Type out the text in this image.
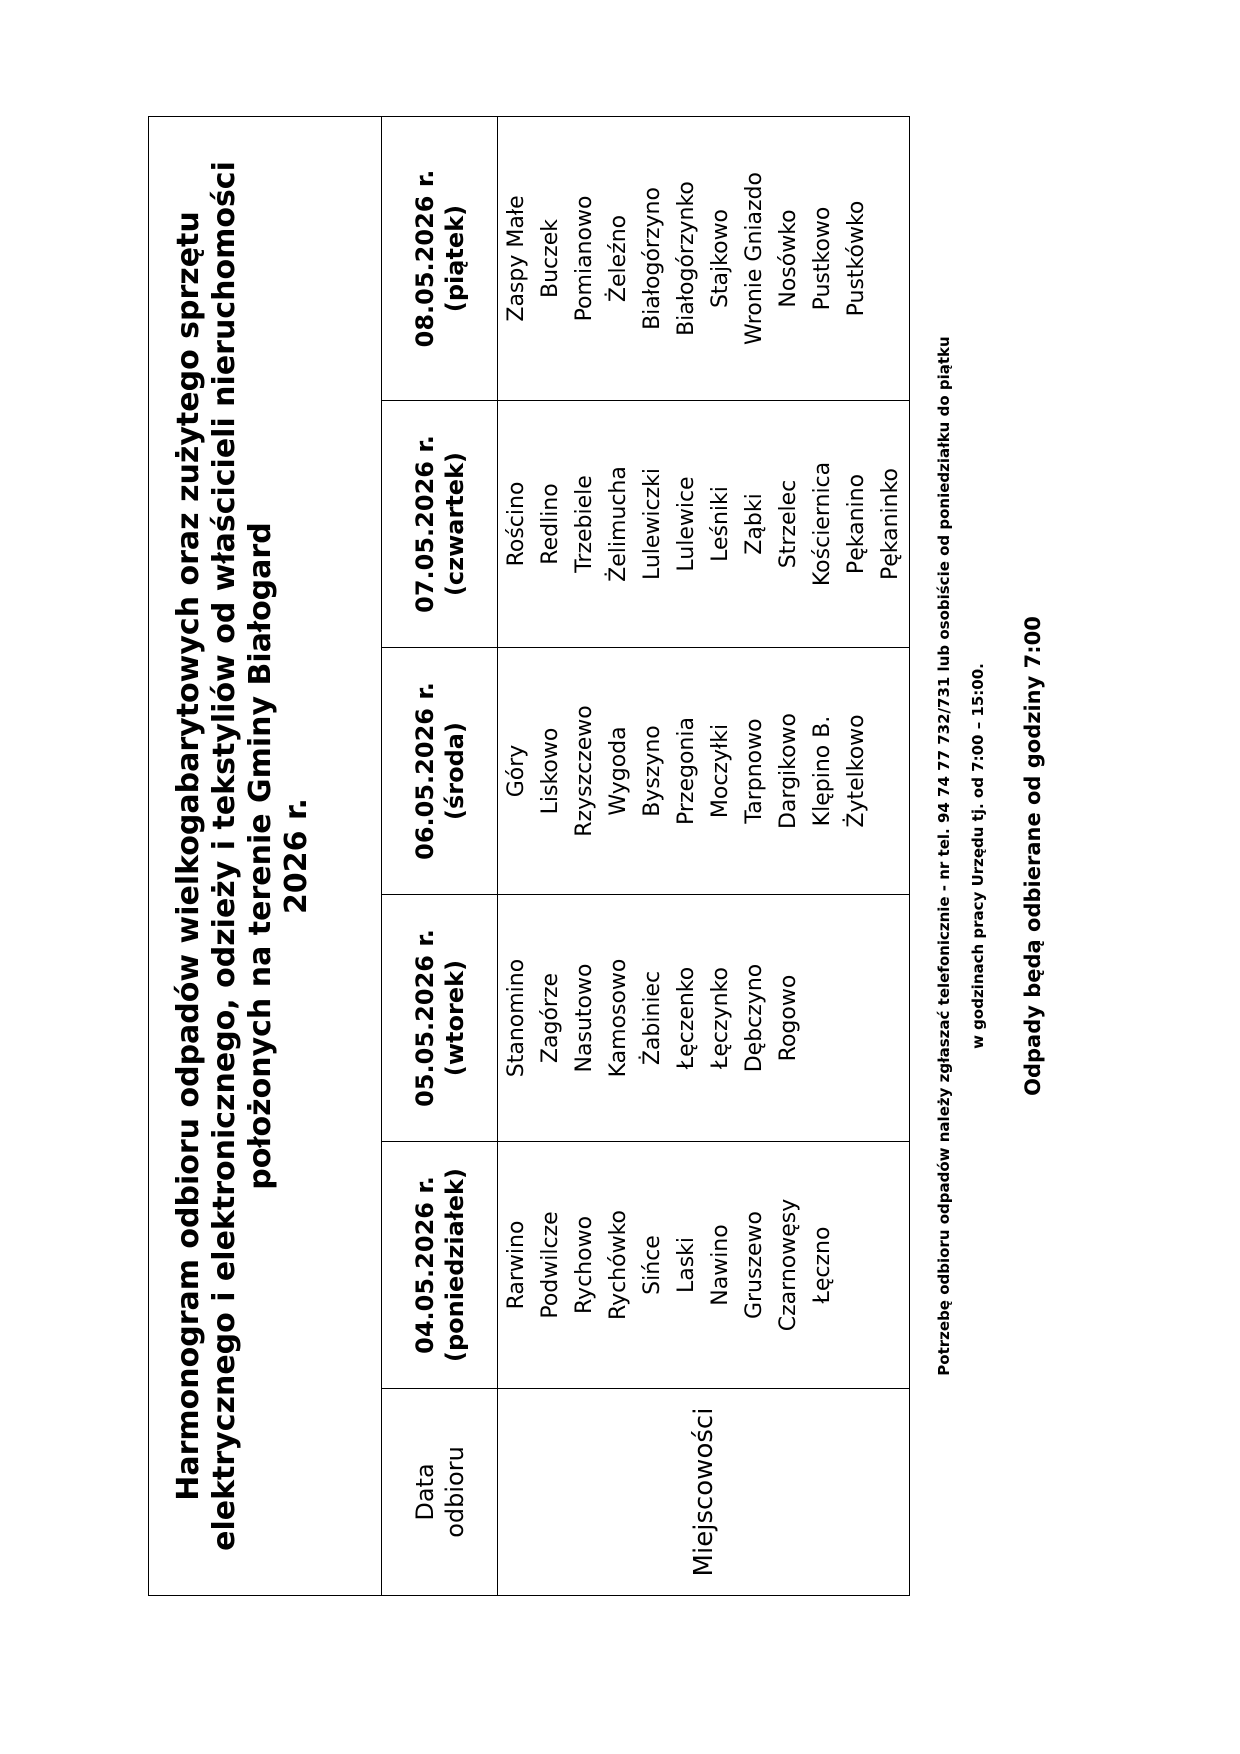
Harmonogram odbioru odpadów wielkogabarytowych oraz zużytego sprzętu elektrycznego i elektronicznego, odzieży i tekstyliów od właścicieli nieruchomości położonych na terenie Gminy Białogard 2026 r.
Data odbioru	Miejscowości
04.05.2026 r. (poniedziałek) Rarwino Podwilcze Rychowo Rychówko Sińce Laski Nawino Gruszewo Czarnowęsy Łęczno
05.05.2026 r. (wtorek) Stanomino Zagórze Nasutowo Kamosowo Żabiniec Łęczenko Łęczynko Dębczyno Rogowo
06.05.2026 r. (środa) Góry Liskowo Rzyszczewo Wygoda Byszyno Przegonia Moczyłki Tarpnowo Dargikowo Klępino B. Żytelkowo
07.05.2026 r. (czwartek) Rościno Redlino Trzebiele Żelimucha Lulewiczki Lulewice Leśniki Ząbki Strzelec Kościernica Pękanino Pękaninko
08.05.2026 r. (piątek) Zaspy Małe Buczek Pomianowo Żeleźno Białogórzyno Białogórzynko Stajkowo Wronie Gniazdo Nosówko Pustkowo Pustkówko
Potrzebę odbioru odpadów należy zgłaszać telefonicznie - nr tel. 94 74 77 732/731 lub osobiście od poniedziałku do piątku w godzinach pracy Urzędu tj. od 7:00 – 15:00. Odpady będą odbierane od godziny 7:00
